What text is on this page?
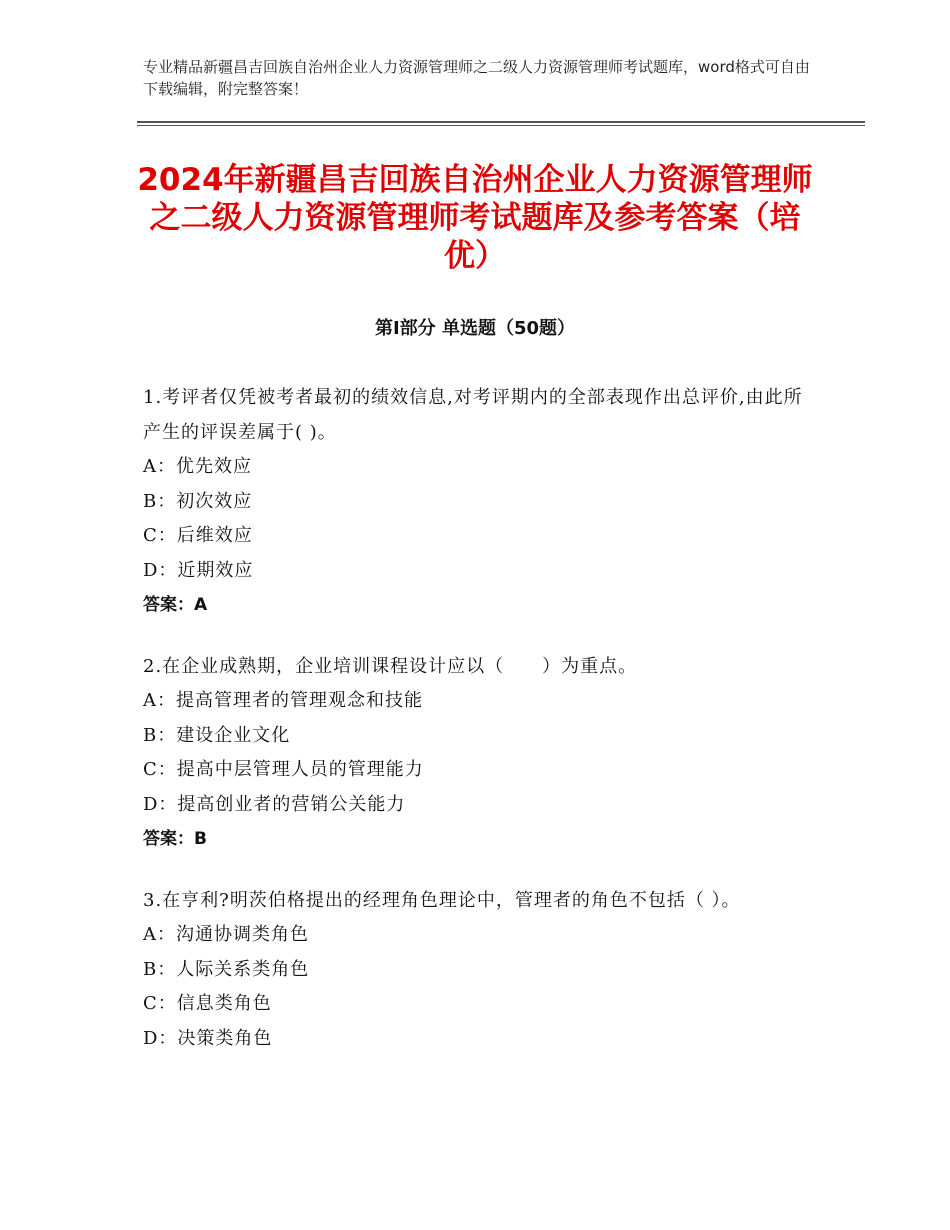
专业精品新疆昌吉回族自治州企业人力资源管理师之二级人力资源管理师考试题库，word格式可自由下载编辑，附完整答案！
2024年新疆昌吉回族自治州企业人力资源管理师之二级人力资源管理师考试题库及参考答案（培优）
第Ⅰ部分 单选题（50题）
1.考评者仅凭被考者最初的绩效信息,对考评期内的全部表现作出总评价,由此所产生的评误差属于( )。
A：优先效应
B：初次效应
C：后维效应
D：近期效应
答案：A
2.在企业成熟期，企业培训课程设计应以（　　）为重点。
A：提高管理者的管理观念和技能
B：建设企业文化
C：提高中层管理人员的管理能力
D：提高创业者的营销公关能力
答案：B
3.在亨利?明茨伯格提出的经理角色理论中，管理者的角色不包括（ ）。
A：沟通协调类角色
B：人际关系类角色
C：信息类角色
D：决策类角色
